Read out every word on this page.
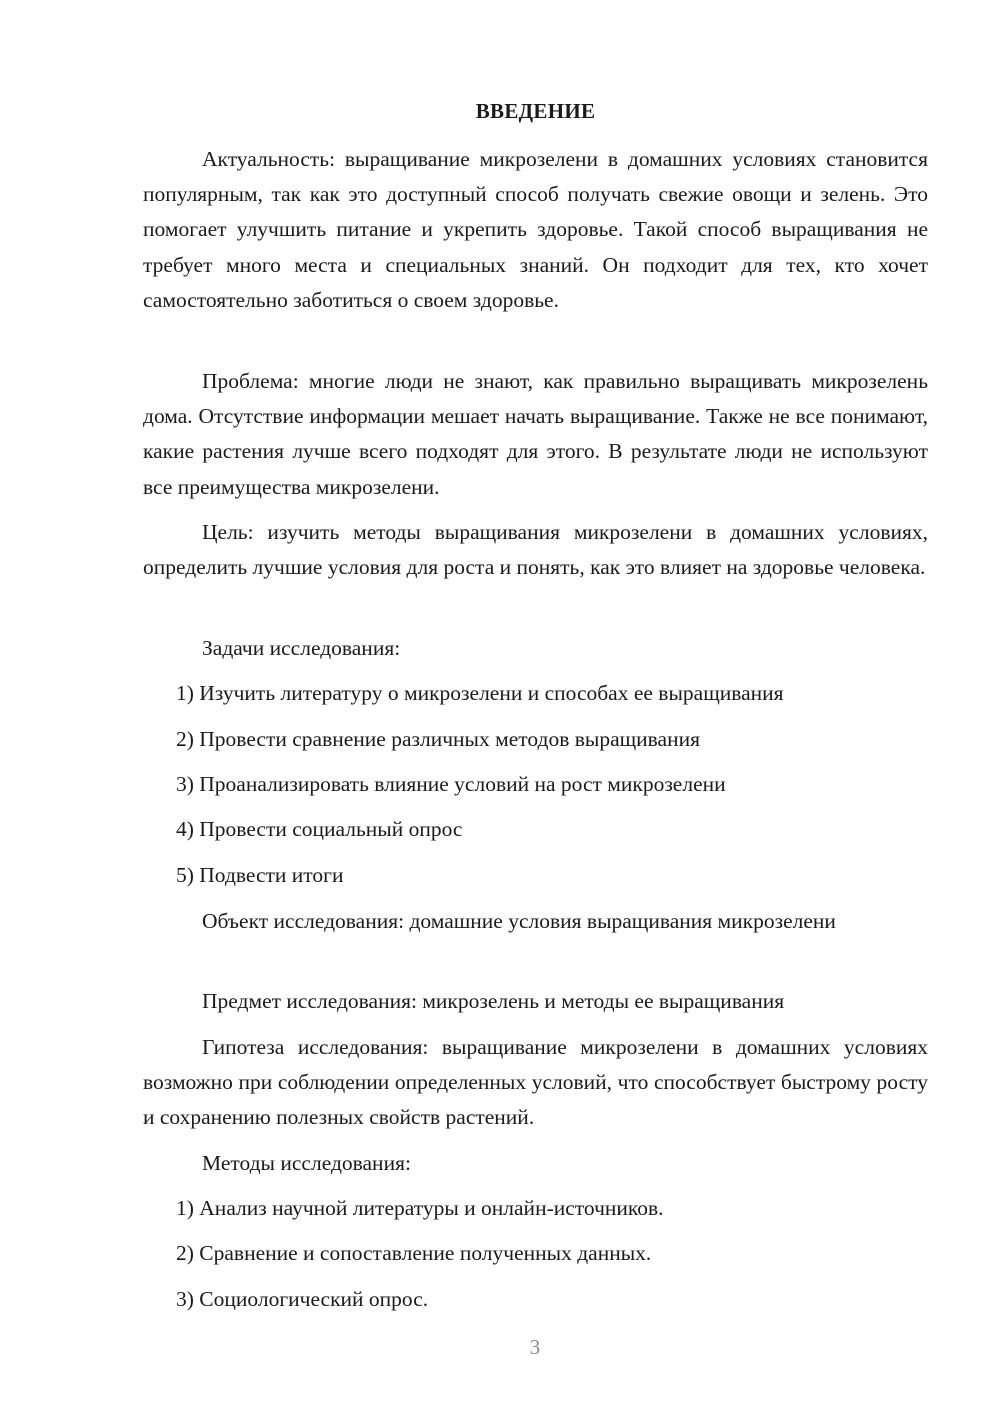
ВВЕДЕНИЕ
Актуальность: выращивание микрозелени в домашних условиях становится популярным, так как это доступный способ получать свежие овощи и зелень. Это помогает улучшить питание и укрепить здоровье. Такой способ выращивания не требует много места и специальных знаний. Он подходит для тех, кто хочет самостоятельно заботиться о своем здоровье.
Проблема: многие люди не знают, как правильно выращивать микрозелень дома. Отсутствие информации мешает начать выращивание. Также не все понимают, какие растения лучше всего подходят для этого. В результате люди не используют все преимущества микрозелени.
Цель: изучить методы выращивания микрозелени в домашних условиях, определить лучшие условия для роста и понять, как это влияет на здоровье человека.
Задачи исследования:
1) Изучить литературу о микрозелени и способах ее выращивания
2) Провести сравнение различных методов выращивания
3) Проанализировать влияние условий на рост микрозелени
4) Провести социальный опрос
5) Подвести итоги
Объект исследования: домашние условия выращивания микрозелени
Предмет исследования: микрозелень и методы ее выращивания
Гипотеза исследования: выращивание микрозелени в домашних условиях возможно при соблюдении определенных условий, что способствует быстрому росту и сохранению полезных свойств растений.
Методы исследования:
1) Анализ научной литературы и онлайн-источников.
2) Сравнение и сопоставление полученных данных.
3) Социологический опрос.
3
